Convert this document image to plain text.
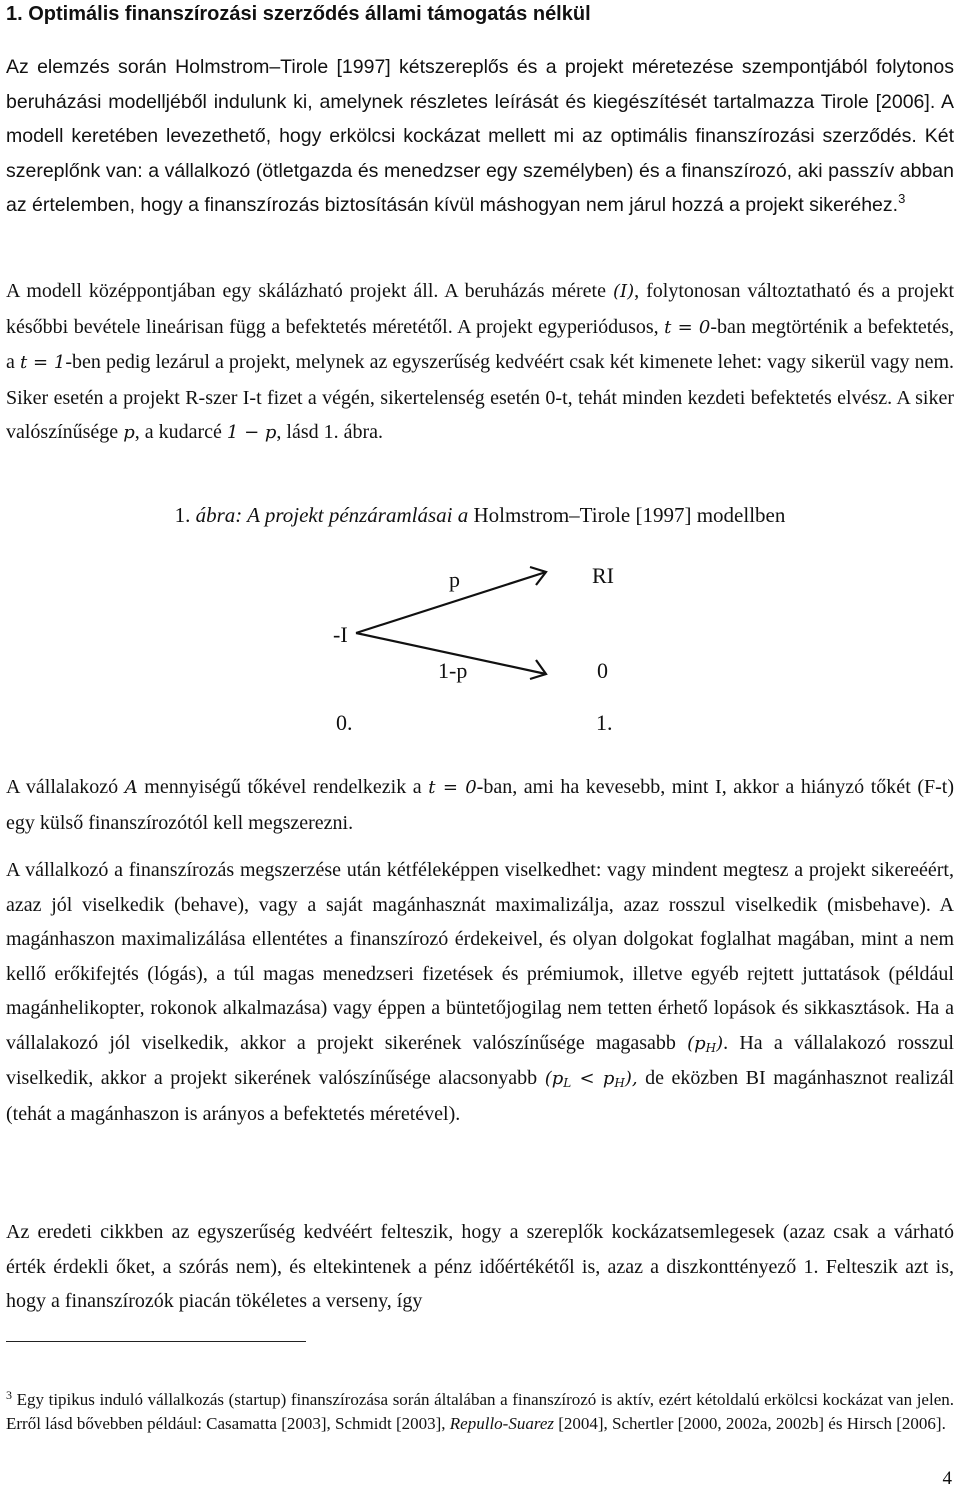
1. Optimális finanszírozási szerződés állami támogatás nélkül

Az elemzés során Holmstrom–Tirole [1997] kétszereplős és a projekt méretezése szempontjából folytonos beruházási modelljéből indulunk ki, amelynek részletes leírását és kiegészítését tartalmazza Tirole [2006]. A modell keretében levezethető, hogy erkölcsi kockázat mellett mi az optimális finanszírozási szerződés. Két szereplőnk van: a vállalkozó (ötletgazda és menedzser egy személyben) és a finanszírozó, aki passzív abban az értelemben, hogy a finanszírozás biztosításán kívül máshogyan nem járul hozzá a projekt sikeréhez.$^3$

A modell középpontjában egy skálázható projekt áll. A beruházás mérete (𝐼), folytonosan változtatható és a projekt későbbi bevétele lineárisan függ a befektetés méretétől. A projekt egyperiódusos, 𝑡 = 0-ban megtörténik a befektetés, a 𝑡 = 1-ben pedig lezárul a projekt, melynek az egyszerűség kedvéért csak két kimenete lehet: vagy sikerül vagy nem. Siker esetén a projekt R-szer I-t fizet a végén, sikertelenség esetén 0-t, tehát minden kezdeti befektetés elvész. A siker valószínűsége 𝑝, a kudarcé 1 − 𝑝, lásd 1. ábra.

1. ábra: A projekt pénzáramlásai a Holmstrom–Tirole [1997] modellben
p	RI
-I
1-p	0
0.	1.

A vállalakozó 𝐴 mennyiségű tőkével rendelkezik a 𝑡 = 0-ban, ami ha kevesebb, mint I, akkor a hiányzó tőkét (F-t) egy külső finanszírozótól kell megszerezni.

A vállalkozó a finanszírozás megszerzése után kétféleképpen viselkedhet: vagy mindent megtesz a projekt sikereéért, azaz jól viselkedik (behave), vagy a saját magánhasznát maximalizálja, azaz rosszul viselkedik (misbehave). A magánhaszon maximalizálása ellentétes a finanszírozó érdekeivel, és olyan dolgokat foglalhat magában, mint a nem kellő erőkifejtés (lógás), a túl magas menedzseri fizetések és prémiumok, illetve egyéb rejtett juttatások (például magánhelikopter, rokonok alkalmazása) vagy éppen a büntetőjogilag nem tetten érhető lopások és sikkasztások. Ha a vállalakozó jól viselkedik, akkor a projekt sikerének valószínűsége magasabb (𝑝$_𝐻$). Ha a vállalakozó rosszul viselkedik, akkor a projekt sikerének valószínűsége alacsonyabb (𝑝$_𝐿$ < 𝑝$_𝐻$), de eközben BI magánhasznot realizál (tehát a magánhaszon is arányos a befektetés méretével).

Az eredeti cikkben az egyszerűség kedvéért felteszik, hogy a szereplők kockázatsemlegesek (azaz csak a várható érték érdekli őket, a szórás nem), és eltekintenek a pénz időértékétől is, azaz a diszkonttényező 1. Felteszik azt is, hogy a finanszírozók piacán tökéletes a verseny, így

$^3$ Egy tipikus induló vállalkozás (startup) finanszírozása során általában a finanszírozó is aktív, ezért kétoldalú erkölcsi kockázat van jelen. Erről lásd bővebben például: Casamatta [2003], Schmidt [2003], Repullo-Suarez [2004], Schertler [2000, 2002a, 2002b] és Hirsch [2006].

4
